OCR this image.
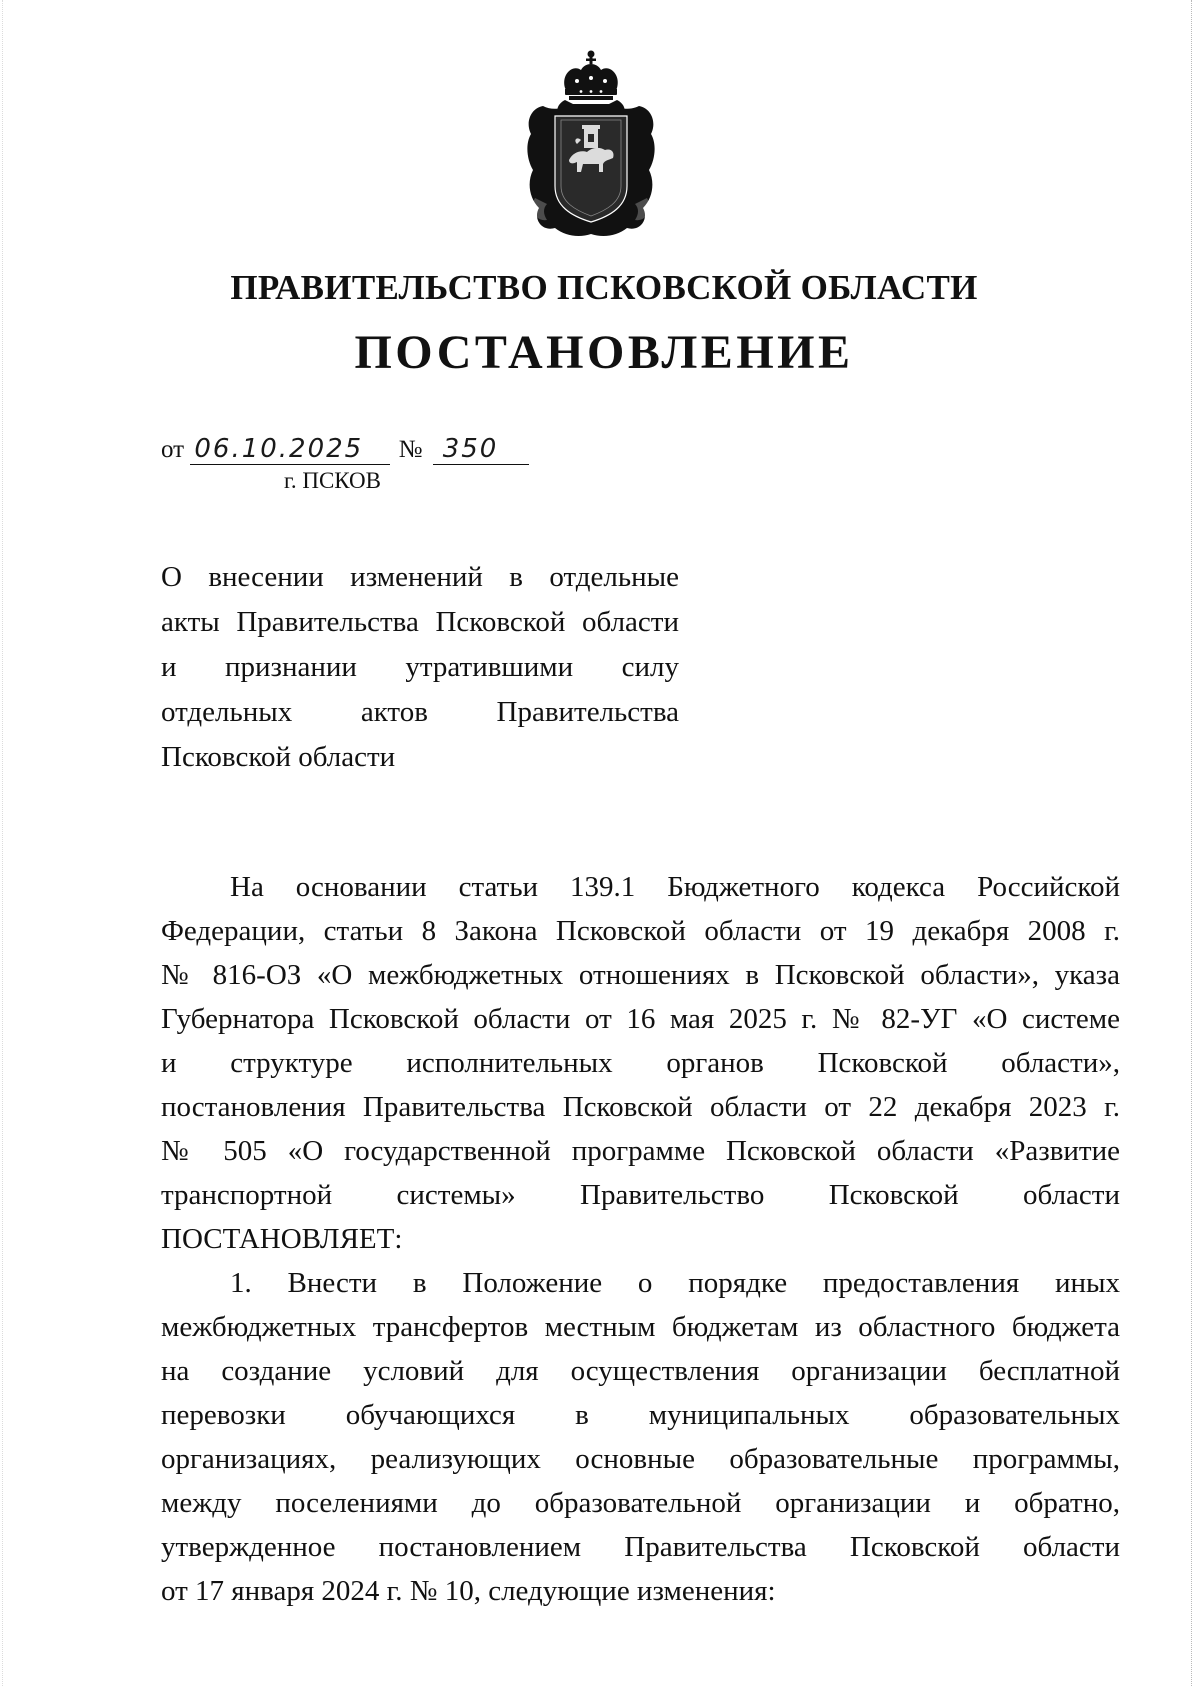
ПРАВИТЕЛЬСТВО ПСКОВСКОЙ ОБЛАСТИ
ПОСТАНОВЛЕНИЕ
от 06.10.2025 № 350
г. ПСКОВ
О внесении изменений в отдельные
акты Правительства Псковской области
и признании утратившими силу
отдельных актов Правительства
Псковской области
На основании статьи 139.1 Бюджетного кодекса Российской
Федерации, статьи 8 Закона Псковской области от 19 декабря 2008 г.
№ 816-ОЗ «О межбюджетных отношениях в Псковской области», указа
Губернатора Псковской области от 16 мая 2025 г. № 82-УГ «О системе
и структуре исполнительных органов Псковской области»,
постановления Правительства Псковской области от 22 декабря 2023 г.
№ 505 «О государственной программе Псковской области «Развитие
транспортной системы» Правительство Псковской области
ПОСТАНОВЛЯЕТ:
1. Внести в Положение о порядке предоставления иных
межбюджетных трансфертов местным бюджетам из областного бюджета
на создание условий для осуществления организации бесплатной
перевозки обучающихся в муниципальных образовательных
организациях, реализующих основные образовательные программы,
между поселениями до образовательной организации и обратно,
утвержденное постановлением Правительства Псковской области
от 17 января 2024 г. № 10, следующие изменения:
